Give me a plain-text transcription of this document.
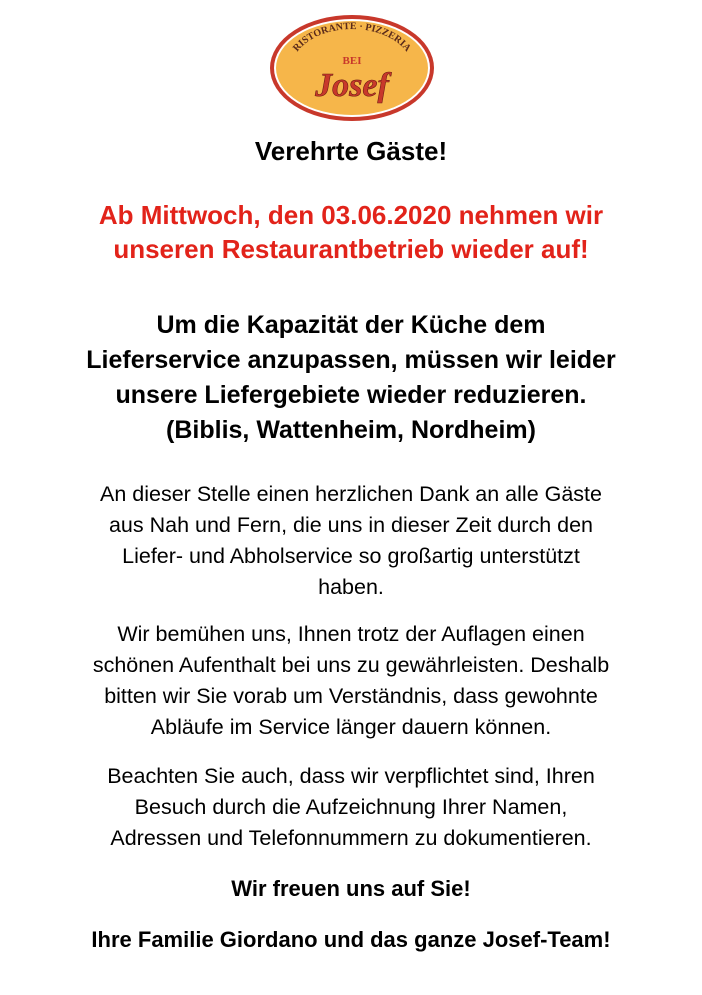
RISTORANTE · PIZZERIA
BEI
Josef
Verehrte Gäste!
Ab Mittwoch, den 03.06.2020 nehmen wir
unseren Restaurantbetrieb wieder auf!
Um die Kapazität der Küche dem
Lieferservice anzupassen, müssen wir leider
unsere Liefergebiete wieder reduzieren.
(Biblis, Wattenheim, Nordheim)
An dieser Stelle einen herzlichen Dank an alle Gäste
aus Nah und Fern, die uns in dieser Zeit durch den
Liefer- und Abholservice so großartig unterstützt
haben.
Wir bemühen uns, Ihnen trotz der Auflagen einen
schönen Aufenthalt bei uns zu gewährleisten. Deshalb
bitten wir Sie vorab um Verständnis, dass gewohnte
Abläufe im Service länger dauern können.
Beachten Sie auch, dass wir verpflichtet sind, Ihren
Besuch durch die Aufzeichnung Ihrer Namen,
Adressen und Telefonnummern zu dokumentieren.
Wir freuen uns auf Sie!
Ihre Familie Giordano und das ganze Josef-Team!
